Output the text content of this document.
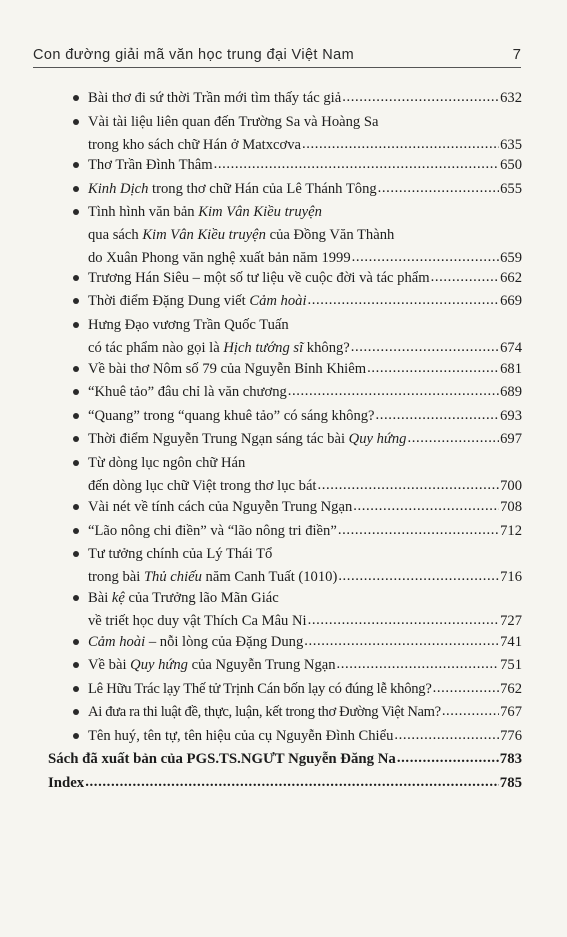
Con đường giải mã văn học trung đại Việt Nam	7
Bài thơ đi sứ thời Trần mới tìm thấy tác giả .....	632
Vài tài liệu liên quan đến Trường Sa và Hoàng Sa
trong kho sách chữ Hán ở Matxcơva .....	635
Thơ Trần Đình Thâm .....	650
Kinh Dịch trong thơ chữ Hán của Lê Thánh Tông .....	655
Tình hình văn bản Kim Vân Kiều truyện
qua sách Kim Vân Kiều truyện của Đồng Văn Thành
do Xuân Phong văn nghệ xuất bản năm 1999 .....	659
Trương Hán Siêu – một số tư liệu về cuộc đời và tác phẩm .....	662
Thời điểm Đặng Dung viết Cảm hoài .....	669
Hưng Đạo vương Trần Quốc Tuấn
có tác phẩm nào gọi là Hịch tướng sĩ không? .....	674
Về bài thơ Nôm số 79 của Nguyễn Bỉnh Khiêm .....	681
“Khuê tảo” đâu chỉ là văn chương .....	689
“Quang” trong “quang khuê tảo” có sáng không? .....	693
Thời điểm Nguyễn Trung Ngạn sáng tác bài Quy hứng .....	697
Từ dòng lục ngôn chữ Hán
đến dòng lục chữ Việt trong thơ lục bát .....	700
Vài nét về tính cách của Nguyễn Trung Ngạn .....	708
“Lão nông chi điền” và “lão nông tri điền” .....	712
Tư tưởng chính của Lý Thái Tổ
trong bài Thủ chiếu năm Canh Tuất (1010) .....	716
Bài kệ của Trưởng lão Mãn Giác
về triết học duy vật Thích Ca Mâu Ni .....	727
Cảm hoài – nỗi lòng của Đặng Dung .....	741
Về bài Quy hứng của Nguyễn Trung Ngạn .....	751
Lê Hữu Trác lạy Thế tử Trịnh Cán bốn lạy có đúng lễ không? .....	762
Ai đưa ra thi luật đề, thực, luận, kết trong thơ Đường Việt Nam? .....	767
Tên huý, tên tự, tên hiệu của cụ Nguyễn Đình Chiểu .....	776
Sách đã xuất bản của PGS.TS.NGƯT Nguyễn Đăng Na .....	783
Index .....	785
